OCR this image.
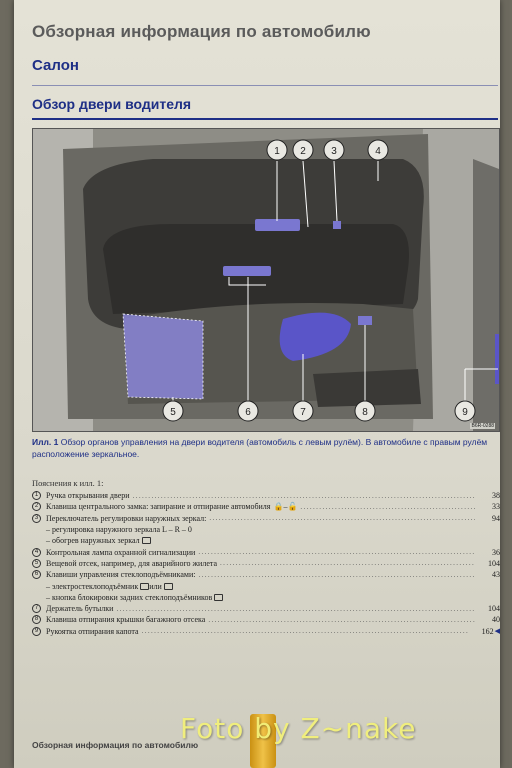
Обзорная информация по автомобилю
Салон
Обзор двери водителя
1 2	3	4
5	6	7	8	9
B6R-0288
Илл. 1 Обзор органов управления на двери водителя (автомобиль с левым рулём). В автомобиле с правым рулём расположение зеркальное.
Пояснения к илл. 1:
1 Ручка открывания двери .....	38
2 Клавиша центрального замка: запирание и отпирание автомобиля 🔒–🔓 .....	33
3 Переключатель регулировки наружных зеркал: .....	94
– регулировка наружного зеркала L – R – 0
– обогрев наружных зеркал
4 Контрольная лампа охранной сигнализации .....	36
5 Вещевой отсек, например, для аварийного жилета .....	104
6 Клавиши управления стеклоподъёмниками: .....	43
– электростеклоподъёмник или
– кнопка блокировки задних стеклоподъёмников
7 Держатель бутылки .....	104
8 Клавиша отпирания крышки багажного отсека .....	40
9 Рукоятка отпирания капота .....	162 ◀
Обзорная информация по автомобилю
Foto by Z~nake
